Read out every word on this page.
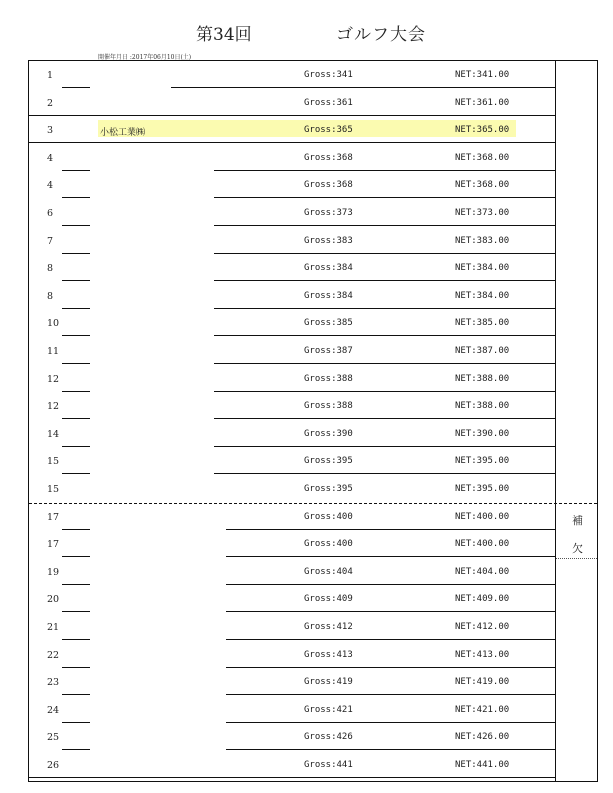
第34回	ゴルフ大会
開催年月日 :2017年06月10日(土)
1	Gross:341	NET:341.00
2	Gross:361	NET:361.00
3	小松工業㈱	Gross:365	NET:365.00
4	Gross:368	NET:368.00
4	Gross:368	NET:368.00
6	Gross:373	NET:373.00
7	Gross:383	NET:383.00
8	Gross:384	NET:384.00
8	Gross:384	NET:384.00
10	Gross:385	NET:385.00
11	Gross:387	NET:387.00
12	Gross:388	NET:388.00
12	Gross:388	NET:388.00
14	Gross:390	NET:390.00
15	Gross:395	NET:395.00
15	Gross:395	NET:395.00
17	Gross:400	NET:400.00
17	Gross:400	NET:400.00
19	Gross:404	NET:404.00
20	Gross:409	NET:409.00
21	Gross:412	NET:412.00
22	Gross:413	NET:413.00
23	Gross:419	NET:419.00
24	Gross:421	NET:421.00
25	Gross:426	NET:426.00
26	Gross:441	NET:441.00
補
欠
